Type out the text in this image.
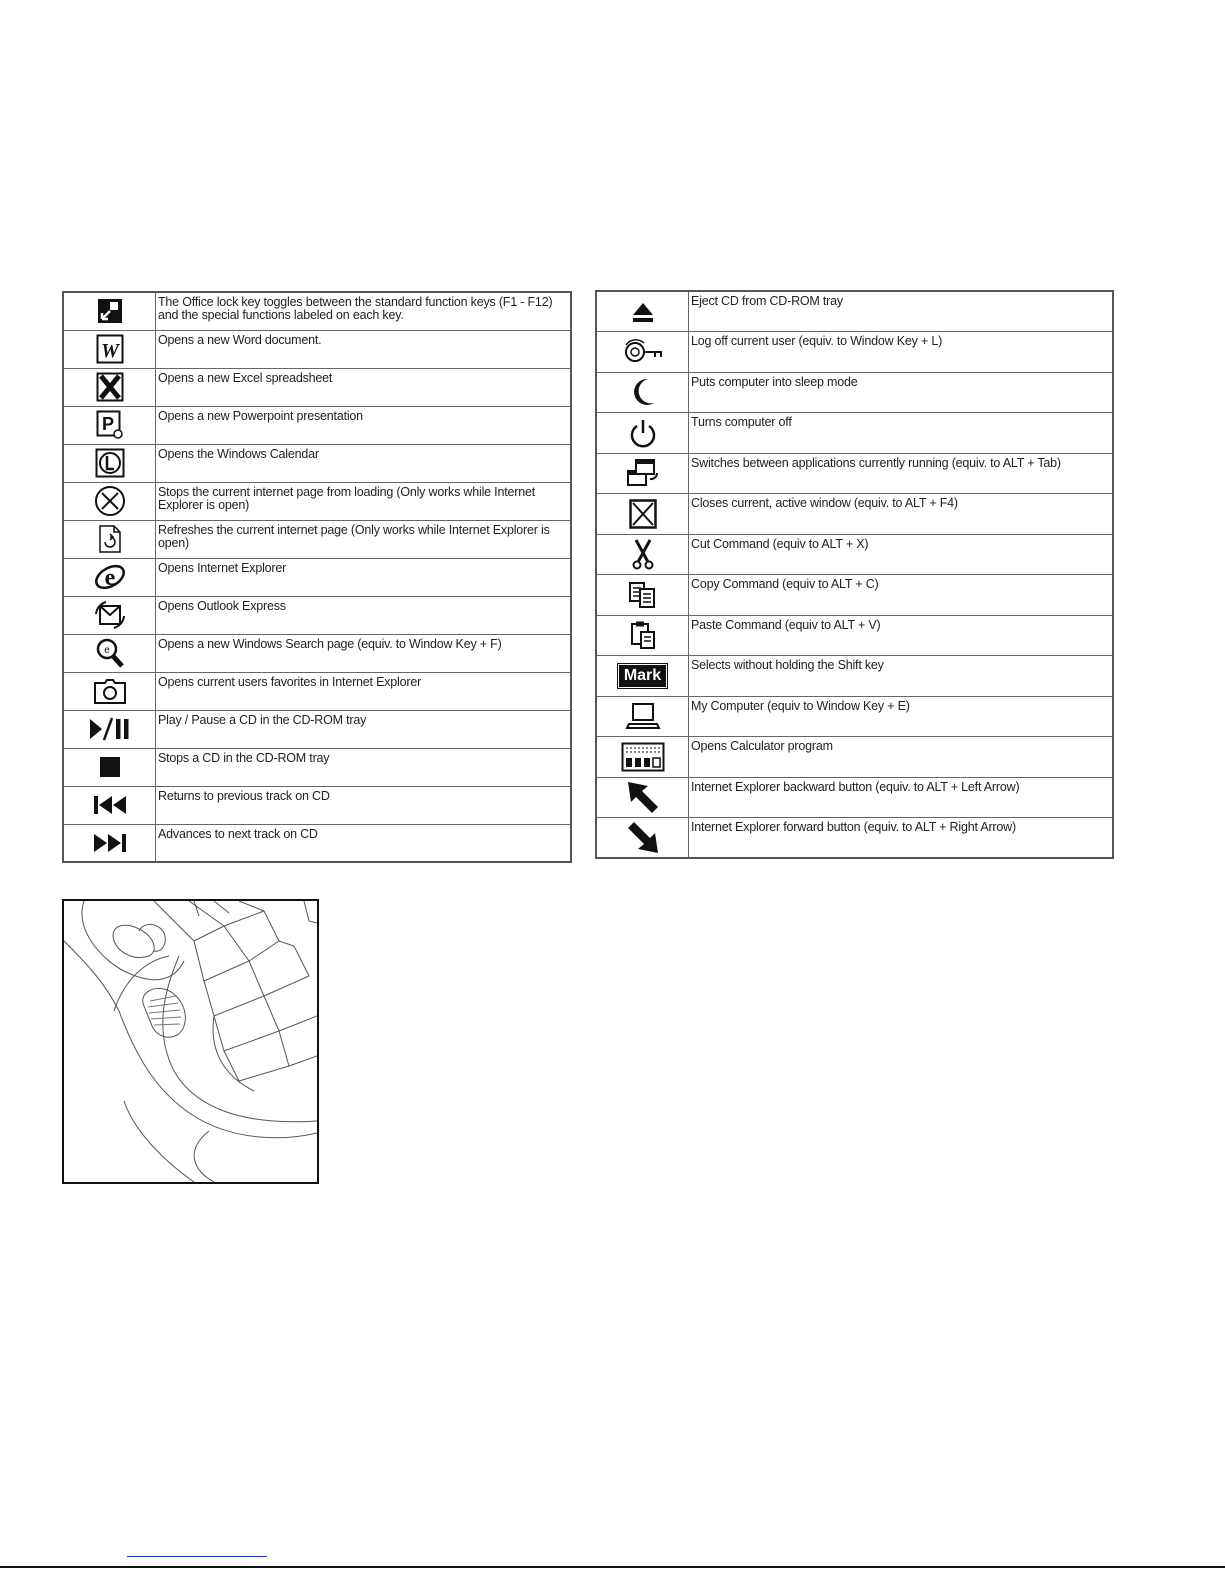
	The Office lock key toggles between the standard function keys (F1 - F12) and the special functions labeled on each key.

W	Opens a new Word document.

	Opens a new Excel spreadsheet

P	Opens a new Powerpoint presentation

	Opens the Windows Calendar

	Stops the current internet page from loading (Only works while Internet Explorer is open)

	Refreshes the current internet page (Only works while Internet Explorer is open)

e	Opens Internet Explorer

	Opens Outlook Express

e	Opens a new Windows Search page (equiv. to Window Key + F)

	Opens current users favorites in Internet Explorer

	Play / Pause a CD in the CD-ROM tray

	Stops a CD in the CD-ROM tray

	Returns to previous track on CD

	Advances to next track on CD
	Eject CD from CD-ROM tray

	Log off current user (equiv. to Window Key + L)

	Puts computer into sleep mode

	Turns computer off

	Switches between applications currently running (equiv. to ALT + Tab)

	Closes current, active window (equiv. to ALT + F4)

	Cut Command (equiv to ALT + X)

	Copy Command (equiv to ALT + C)

	Paste Command (equiv to ALT + V)
Mark	Selects without holding the Shift key

	My Computer (equiv to Window Key + E)

	Opens Calculator program

	Internet Explorer backward button (equiv. to ALT + Left Arrow)

	Internet Explorer forward button (equiv. to ALT + Right Arrow)
